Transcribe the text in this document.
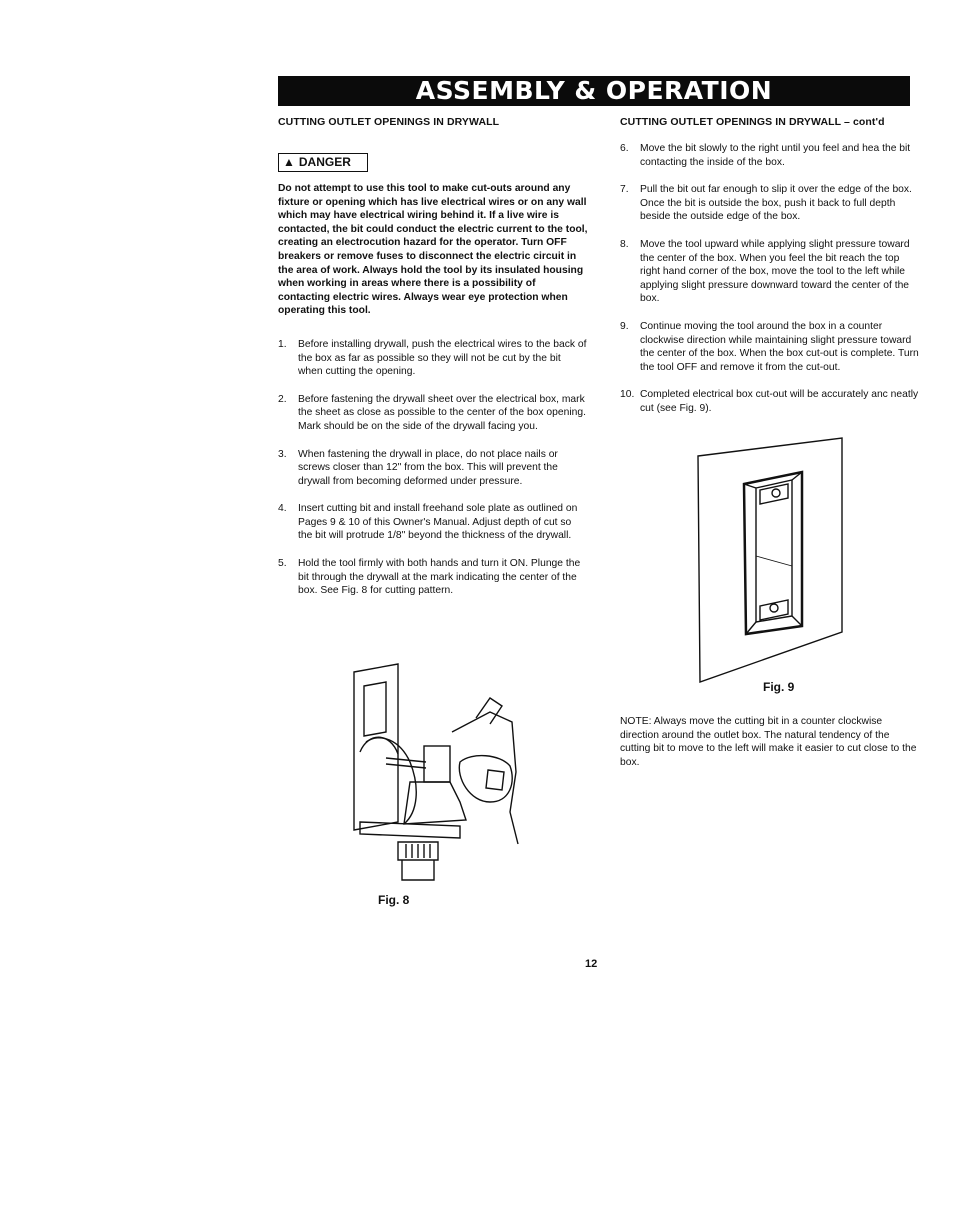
ASSEMBLY & OPERATION

CUTTING OUTLET OPENINGS IN DRYWALL

▲ DANGER
Do not attempt to use this tool to make cut-outs around any fixture or opening which has live electrical wires or on any wall which may have electrical wiring behind it. If a live wire is contacted, the bit could conduct the electric current to the tool, creating an electrocution hazard for the operator. Turn OFF breakers or remove fuses to disconnect the electric circuit in the area of work. Always hold the tool by its insulated housing when working in areas where there is a possibility of contacting electric wires. Always wear eye protection when operating this tool.
1.	Before installing drywall, push the electrical wires to the back of the box as far as possible so they will not be cut by the bit when cutting the opening.
2.	Before fastening the drywall sheet over the electrical box, mark the sheet as close as possible to the center of the box opening. Mark should be on the side of the drywall facing you.
3.	When fastening the drywall in place, do not place nails or screws closer than 12" from the box. This will prevent the drywall from becoming deformed under pressure.
4.	Insert cutting bit and install freehand sole plate as outlined on Pages 9 & 10 of this Owner's Manual. Adjust depth of cut so the bit will protrude 1/8" beyond the thickness of the drywall.
5.	Hold the tool firmly with both hands and turn it ON. Plunge the bit through the drywall at the mark indicating the center of the box. See Fig. 8 for cutting pattern.

CUTTING OUTLET OPENINGS IN DRYWALL – cont'd

6.	Move the bit slowly to the right until you feel and hea the bit contacting the inside of the box.
7.	Pull the bit out far enough to slip it over the edge of the box. Once the bit is outside the box, push it back to full depth beside the outside edge of the box.
8.	Move the tool upward while applying slight pressure toward the center of the box. When you feel the bit reach the top right hand corner of the box, move the tool to the left while applying slight pressure downward toward the center of the box.
9.	Continue moving the tool around the box in a counter clockwise direction while maintaining slight pressure toward the center of the box. When the box cut-out is complete. Turn the tool OFF and remove it from the cut-out.
10. Completed electrical box cut-out will be accurately anc neatly cut (see Fig. 9).
Fig. 9
NOTE: Always move the cutting bit in a counter clockwise direction around the outlet box. The natural tendency of the cutting bit to move to the left will make it easier to cut close to the box.
Fig. 8
12
